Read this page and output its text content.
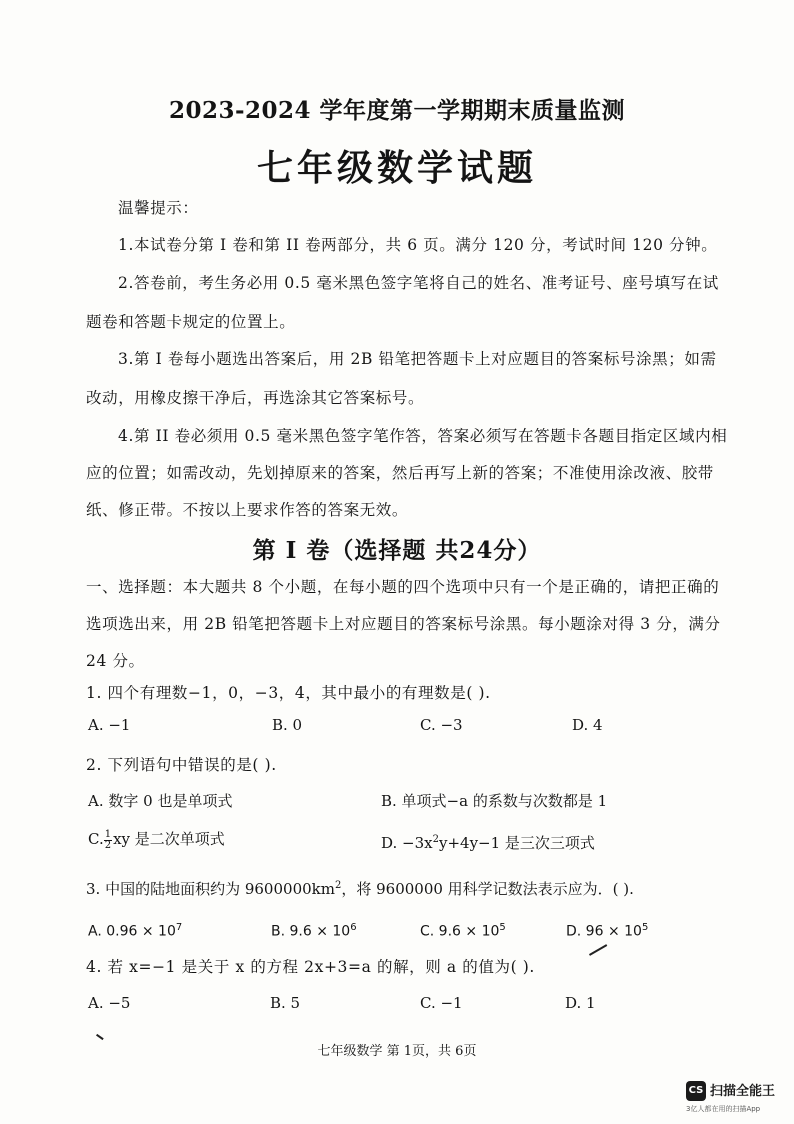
2023-2024 学年度第一学期期末质量监测
七年级数学试题
温馨提示：
1.本试卷分第 I 卷和第 II 卷两部分，共 6 页。满分 120 分，考试时间 120 分钟。
2.答卷前，考生务必用 0.5 毫米黑色签字笔将自己的姓名、准考证号、座号填写在试
题卷和答题卡规定的位置上。
3.第 I 卷每小题选出答案后，用 2B 铅笔把答题卡上对应题目的答案标号涂黑；如需
改动，用橡皮擦干净后，再选涂其它答案标号。
4.第 II 卷必须用 0.5 毫米黑色签字笔作答，答案必须写在答题卡各题目指定区域内相
应的位置；如需改动，先划掉原来的答案，然后再写上新的答案；不准使用涂改液、胶带
纸、修正带。不按以上要求作答的答案无效。
第 I 卷（选择题 共24分）
一、选择题：本大题共 8 个小题，在每小题的四个选项中只有一个是正确的，请把正确的
选项选出来，用 2B 铅笔把答题卡上对应题目的答案标号涂黑。每小题涂对得 3 分，满分
24 分。
1. 四个有理数−1，0，−3，4，其中最小的有理数是( ).
A. −1	B. 0	C. −3	D. 4
2. 下列语句中错误的是( ).
A. 数字 0 也是单项式	B. 单项式−a 的系数与次数都是 1
C. $\frac{1}{2}$ xy 是二次单项式	D. $-3x^2y+4y-1$ 是三次三项式
3. 中国的陆地面积约为 $9600000km^2$，将 9600000 用科学记数法表示应为．( ).
A. $0.96 \times 10^7$	B. $9.6 \times 10^6$	C. $9.6 \times 10^5$	D. $96 \times 10^5$
4. 若 x=−1 是关于 x 的方程 2x+3=a 的解，则 a 的值为( ).
A. −5	B. 5	C. −1	D. 1
七年级数学 第 1页，共 6页
CS 扫描全能王
3亿人都在用的扫描App
